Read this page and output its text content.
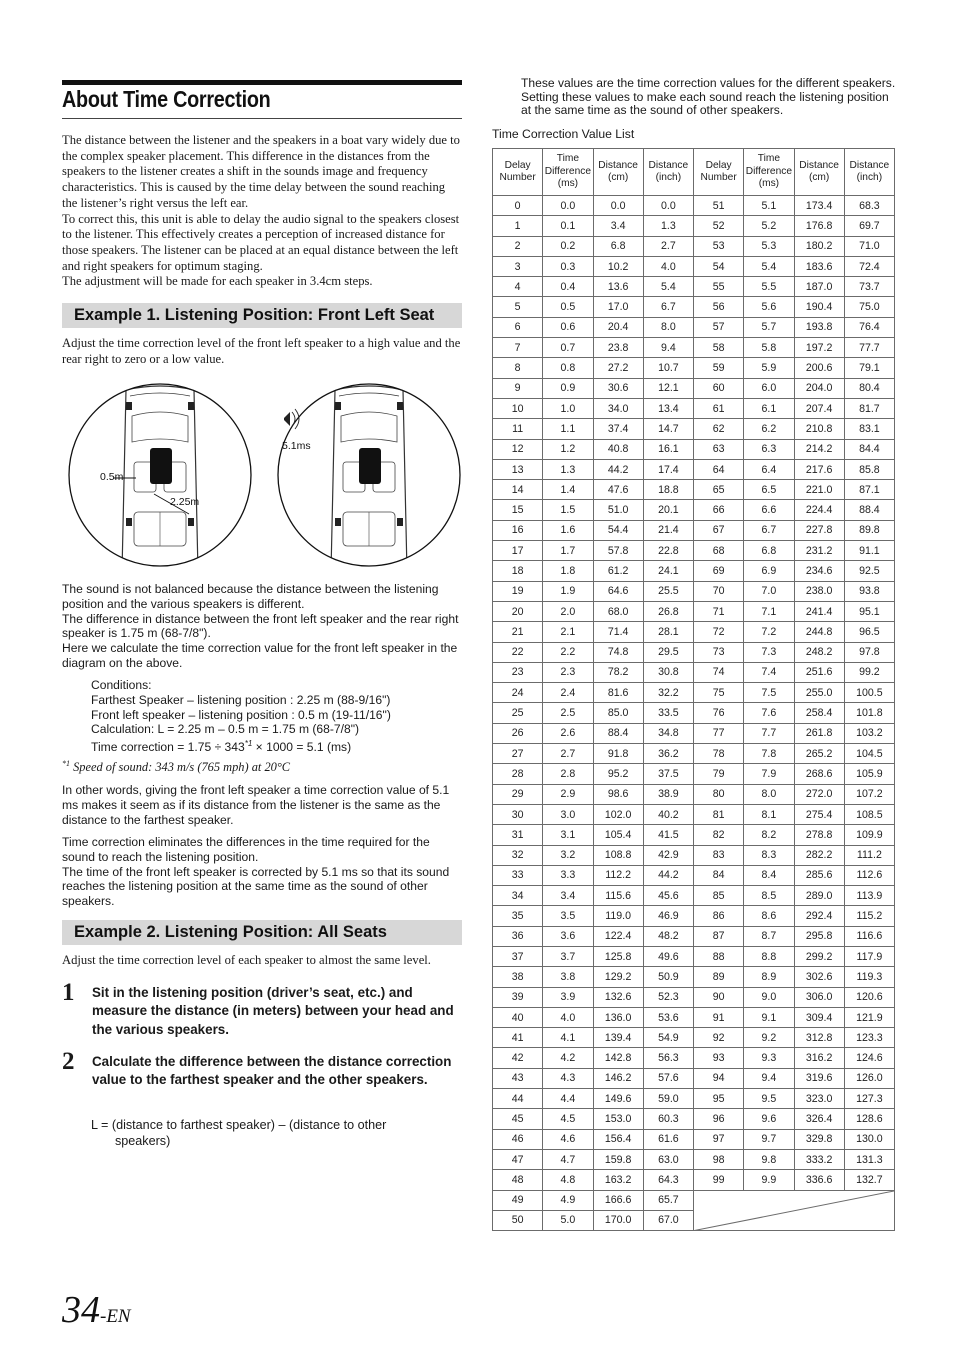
About Time Correction

The distance between the listener and the speakers in a boat vary widely due to the complex speaker placement. This difference in the distances from the speakers to the listener creates a shift in the sounds image and frequency characteristics. This is caused by the time delay between the sound reaching the listener’s right versus the left ear.

To correct this, this unit is able to delay the audio signal to the speakers closest to the listener. This effectively creates a perception of increased distance for those speakers. The listener can be placed at an equal distance between the left and right speakers for optimum staging.

The adjustment will be made for each speaker in 3.4cm steps.

Example 1. Listening Position: Front Left Seat

Adjust the time correction level of the front left speaker to a high value and the rear right to zero or a low value.

0.5m
2.25m
5.1ms

The sound is not balanced because the distance between the listening position and the various speakers is different.

The difference in distance between the front left speaker and the rear right speaker is 1.75 m (68-7/8").

Here we calculate the time correction value for the front left speaker in the diagram on the above.

Conditions:

Farthest Speaker – listening position : 2.25 m (88-9/16")

Front left speaker – listening position : 0.5 m (19-11/16")

Calculation: L = 2.25 m – 0.5 m = 1.75 m (68-7/8")

Time correction = $1.75 \div 343^{*1} \times 1000 = 5.1$ (ms)

$^{*1}$ Speed of sound: 343 m/s (765 mph) at 20°C

In other words, giving the front left speaker a time correction value of 5.1 ms makes it seem as if its distance from the listener is the same as the distance to the farthest speaker.

Time correction eliminates the differences in the time required for the sound to reach the listening position.

The time of the front left speaker is corrected by 5.1 ms so that its sound reaches the listening position at the same time as the sound of other speakers.

Example 2. Listening Position: All Seats

Adjust the time correction level of each speaker to almost the same level.

1 Sit in the listening position (driver’s seat, etc.) and measure the distance (in meters) between your head and the various speakers.

2 Calculate the difference between the distance correction value to the farthest speaker and the other speakers.

L = (distance to farthest speaker) – (distance to other speakers)

34-EN

These values are the time correction values for the different speakers. Setting these values to make each sound reach the listening position at the same time as the sound of other speakers.

Time Correction Value List
Delay Number	Time Difference (ms)	Distance (cm)	Distance (inch)	Delay Number	Time Difference (ms)	Distance (cm)	Distance (inch)
0	0.0	0.0	0.0	51	5.1	173.4	68.3
1	0.1	3.4	1.3	52	5.2	176.8	69.7
2	0.2	6.8	2.7	53	5.3	180.2	71.0
3	0.3	10.2	4.0	54	5.4	183.6	72.4
4	0.4	13.6	5.4	55	5.5	187.0	73.7
5	0.5	17.0	6.7	56	5.6	190.4	75.0
6	0.6	20.4	8.0	57	5.7	193.8	76.4
7	0.7	23.8	9.4	58	5.8	197.2	77.7
8	0.8	27.2	10.7	59	5.9	200.6	79.1
9	0.9	30.6	12.1	60	6.0	204.0	80.4
10	1.0	34.0	13.4	61	6.1	207.4	81.7
11	1.1	37.4	14.7	62	6.2	210.8	83.1
12	1.2	40.8	16.1	63	6.3	214.2	84.4
13	1.3	44.2	17.4	64	6.4	217.6	85.8
14	1.4	47.6	18.8	65	6.5	221.0	87.1
15	1.5	51.0	20.1	66	6.6	224.4	88.4
16	1.6	54.4	21.4	67	6.7	227.8	89.8
17	1.7	57.8	22.8	68	6.8	231.2	91.1
18	1.8	61.2	24.1	69	6.9	234.6	92.5
19	1.9	64.6	25.5	70	7.0	238.0	93.8
20	2.0	68.0	26.8	71	7.1	241.4	95.1
21	2.1	71.4	28.1	72	7.2	244.8	96.5
22	2.2	74.8	29.5	73	7.3	248.2	97.8
23	2.3	78.2	30.8	74	7.4	251.6	99.2
24	2.4	81.6	32.2	75	7.5	255.0	100.5
25	2.5	85.0	33.5	76	7.6	258.4	101.8
26	2.6	88.4	34.8	77	7.7	261.8	103.2
27	2.7	91.8	36.2	78	7.8	265.2	104.5
28	2.8	95.2	37.5	79	7.9	268.6	105.9
29	2.9	98.6	38.9	80	8.0	272.0	107.2
30	3.0	102.0	40.2	81	8.1	275.4	108.5
31	3.1	105.4	41.5	82	8.2	278.8	109.9
32	3.2	108.8	42.9	83	8.3	282.2	111.2
33	3.3	112.2	44.2	84	8.4	285.6	112.6
34	3.4	115.6	45.6	85	8.5	289.0	113.9
35	3.5	119.0	46.9	86	8.6	292.4	115.2
36	3.6	122.4	48.2	87	8.7	295.8	116.6
37	3.7	125.8	49.6	88	8.8	299.2	117.9
38	3.8	129.2	50.9	89	8.9	302.6	119.3
39	3.9	132.6	52.3	90	9.0	306.0	120.6
40	4.0	136.0	53.6	91	9.1	309.4	121.9
41	4.1	139.4	54.9	92	9.2	312.8	123.3
42	4.2	142.8	56.3	93	9.3	316.2	124.6
43	4.3	146.2	57.6	94	9.4	319.6	126.0
44	4.4	149.6	59.0	95	9.5	323.0	127.3
45	4.5	153.0	60.3	96	9.6	326.4	128.6
46	4.6	156.4	61.6	97	9.7	329.8	130.0
47	4.7	159.8	63.0	98	9.8	333.2	131.3
48	4.8	163.2	64.3	99	9.9	336.6	132.7
49	4.9	166.6	65.7	

50	5.0	170.0	67.0				
